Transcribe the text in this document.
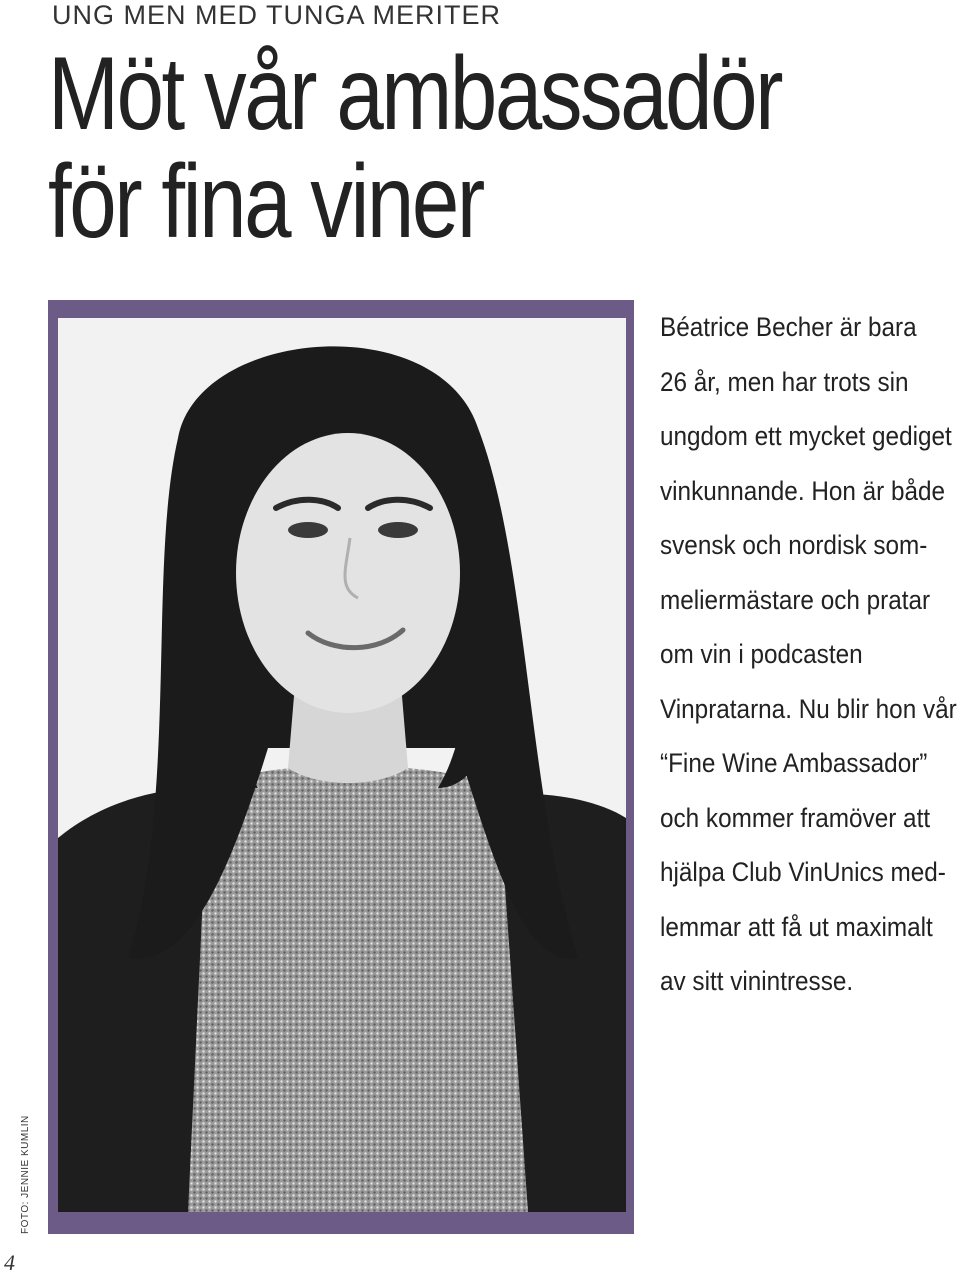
UNG MEN MED TUNGA MERITER
Möt vår ambassadör
för fina viner
FOTO: JENNIE KUMLIN
Béatrice Becher är bara
26 år, men har trots sin
ungdom ett mycket gediget
vinkunnande. Hon är både
svensk och nordisk som-
meliermästare och pratar
om vin i podcasten
Vinpratarna. Nu blir hon vår
“Fine Wine Ambassador”
och kommer framöver att
hjälpa Club VinUnics med-
lemmar att få ut maximalt
av sitt vinintresse.
4
